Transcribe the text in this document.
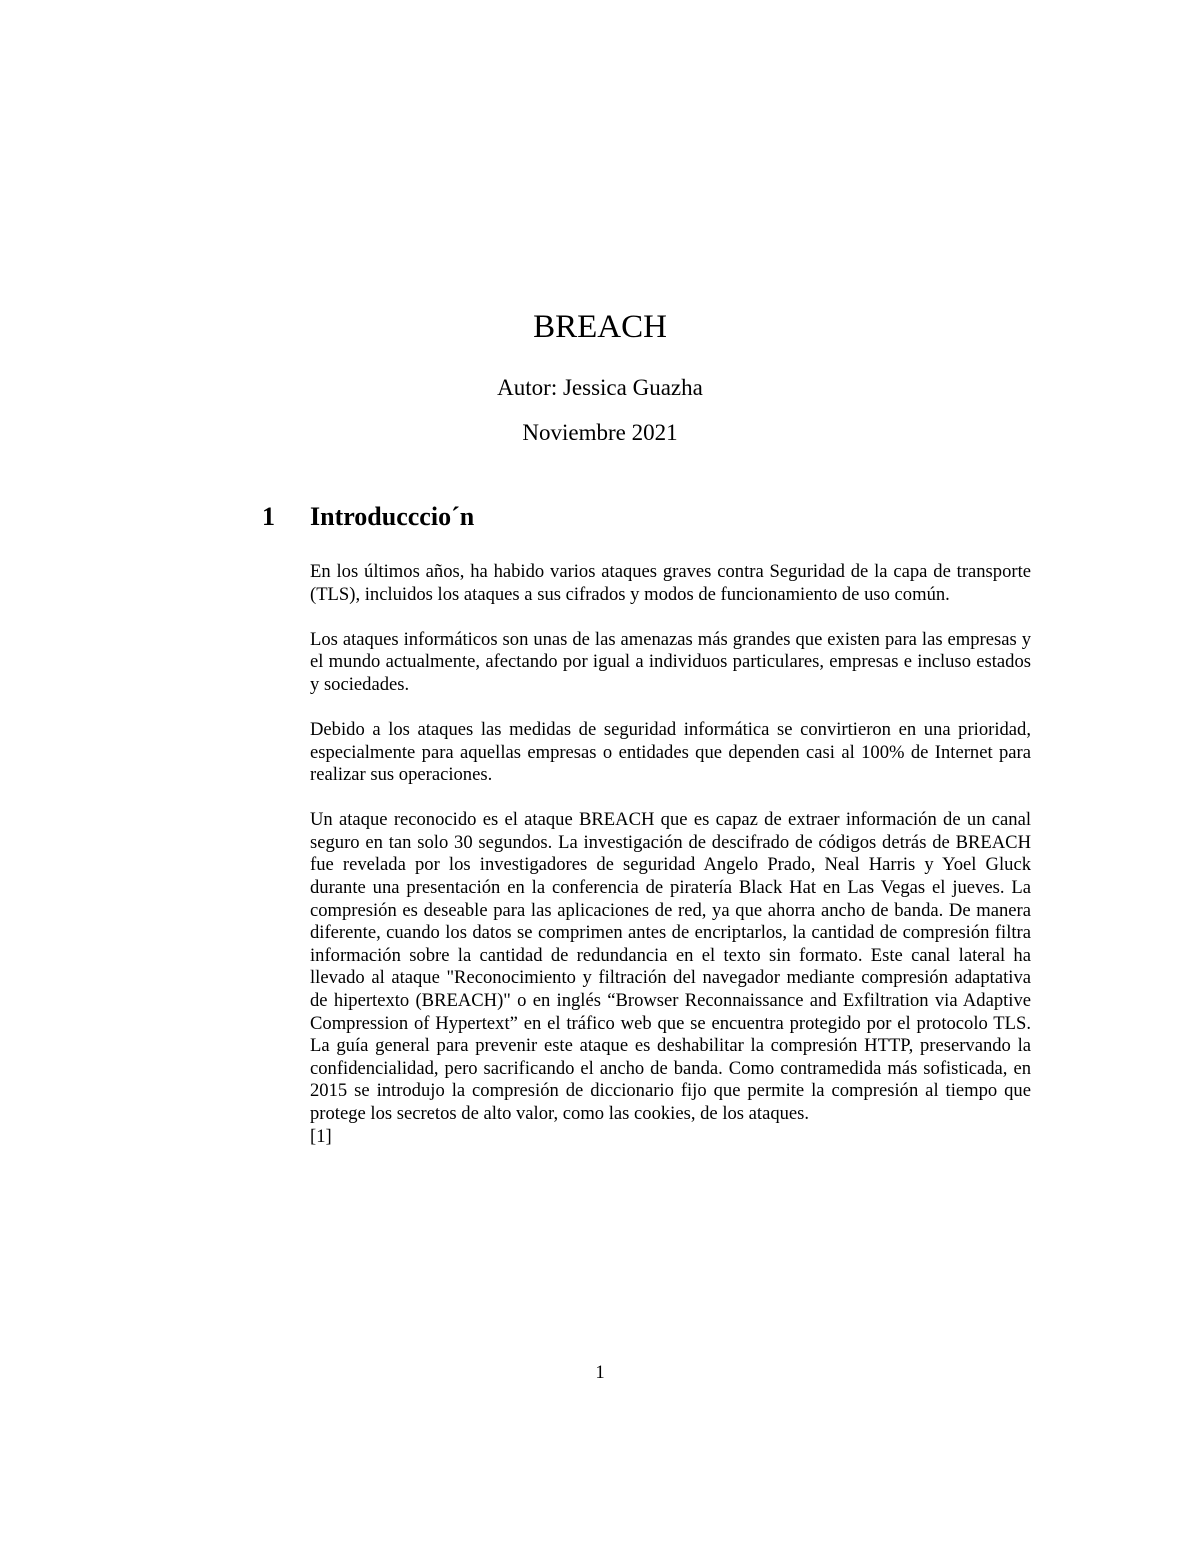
BREACH
Autor: Jessica Guazha
Noviembre 2021
1 Introducccio´n

En los últimos años, ha habido varios ataques graves contra Seguridad de la capa de transporte (TLS), incluidos los ataques a sus cifrados y modos de funcionamiento de uso común.

Los ataques informáticos son unas de las amenazas más grandes que existen para las empresas y el mundo actualmente, afectando por igual a individuos particulares, empresas e incluso estados y sociedades.

Debido a los ataques las medidas de seguridad informática se convirtieron en una prioridad, especialmente para aquellas empresas o entidades que dependen casi al 100% de Internet para realizar sus operaciones.

Un ataque reconocido es el ataque BREACH que es capaz de extraer información de un canal seguro en tan solo 30 segundos. La investigación de descifrado de códigos detrás de BREACH fue revelada por los investigadores de seguridad Angelo Prado, Neal Harris y Yoel Gluck durante una presentación en la conferencia de piratería Black Hat en Las Vegas el jueves. La compresión es deseable para las aplicaciones de red, ya que ahorra ancho de banda. De manera diferente, cuando los datos se comprimen antes de encriptarlos, la cantidad de compresión filtra información sobre la cantidad de redundancia en el texto sin formato. Este canal lateral ha llevado al ataque "Reconocimiento y filtración del navegador mediante compresión adaptativa de hipertexto (BREACH)" o en inglés “Browser Reconnaissance and Exfiltration via Adaptive Compression of Hypertext” en el tráfico web que se encuentra protegido por el protocolo TLS. La guía general para prevenir este ataque es deshabilitar la compresión HTTP, preservando la confidencialidad, pero sacrificando el ancho de banda. Como contramedida más sofisticada, en 2015 se introdujo la compresión de diccionario fijo que permite la compresión al tiempo que protege los secretos de alto valor, como las cookies, de los ataques.

[1]
1
